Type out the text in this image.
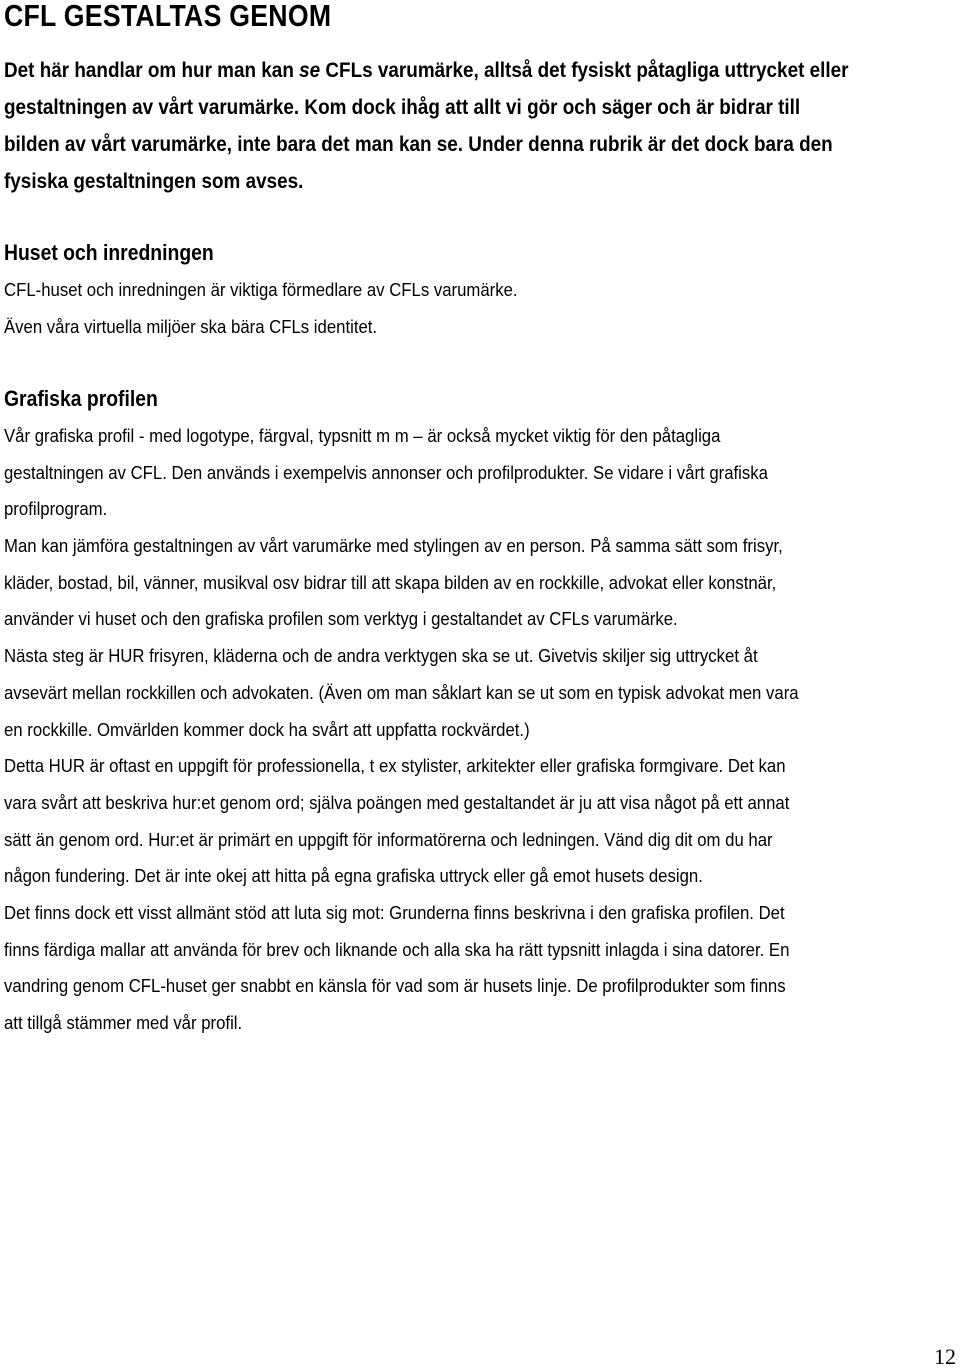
CFL GESTALTAS GENOM
Det här handlar om hur man kan se CFLs varumärke, alltså det fysiskt påtagliga uttrycket eller
gestaltningen av vårt varumärke. Kom dock ihåg att allt vi gör och säger och är bidrar till
bilden av vårt varumärke, inte bara det man kan se. Under denna rubrik är det dock bara den
fysiska gestaltningen som avses.
Huset och inredningen
CFL-huset och inredningen är viktiga förmedlare av CFLs varumärke.
Även våra virtuella miljöer ska bära CFLs identitet.
Grafiska profilen
Vår grafiska profil - med logotype, färgval, typsnitt m m – är också mycket viktig för den påtagliga
gestaltningen av CFL. Den används i exempelvis annonser och profilprodukter. Se vidare i vårt grafiska
profilprogram.
Man kan jämföra gestaltningen av vårt varumärke med stylingen av en person. På samma sätt som frisyr,
kläder, bostad, bil, vänner, musikval osv bidrar till att skapa bilden av en rockkille, advokat eller konstnär,
använder vi huset och den grafiska profilen som verktyg i gestaltandet av CFLs varumärke.
Nästa steg är HUR frisyren, kläderna och de andra verktygen ska se ut. Givetvis skiljer sig uttrycket åt
avsevärt mellan rockkillen och advokaten. (Även om man såklart kan se ut som en typisk advokat men vara
en rockkille. Omvärlden kommer dock ha svårt att uppfatta rockvärdet.)
Detta HUR är oftast en uppgift för professionella, t ex stylister, arkitekter eller grafiska formgivare. Det kan
vara svårt att beskriva hur:et genom ord; själva poängen med gestaltandet är ju att visa något på ett annat
sätt än genom ord. Hur:et är primärt en uppgift för informatörerna och ledningen. Vänd dig dit om du har
någon fundering. Det är inte okej att hitta på egna grafiska uttryck eller gå emot husets design.
Det finns dock ett visst allmänt stöd att luta sig mot: Grunderna finns beskrivna i den grafiska profilen. Det
finns färdiga mallar att använda för brev och liknande och alla ska ha rätt typsnitt inlagda i sina datorer. En
vandring genom CFL-huset ger snabbt en känsla för vad som är husets linje. De profilprodukter som finns
att tillgå stämmer med vår profil.
12
